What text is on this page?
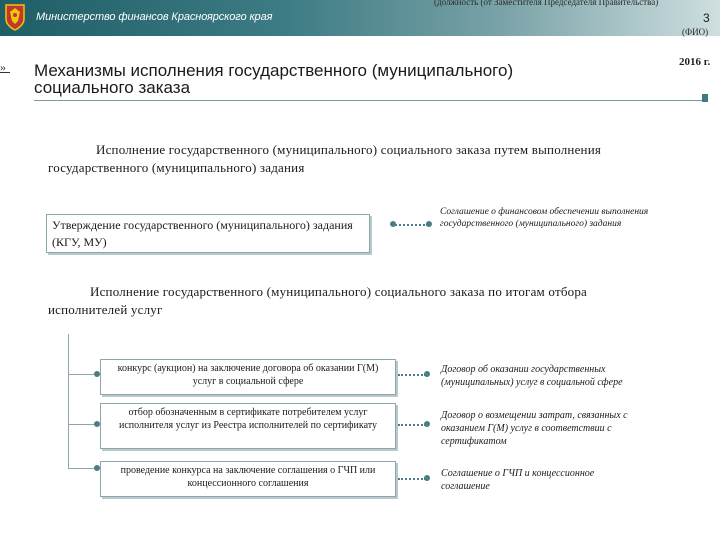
Министерство финансов Красноярского края
(должность (от Заместителя Председателя Правительства)
3
(ФИО)
»	2016 г.
Механизмы исполнения государственного (муниципального) социального заказа
Исполнение государственного (муниципального) социального заказа путем выполнения государственного (муниципального) задания
Утверждение государственного (муниципального) задания (КГУ, МУ)
Соглашение о финансовом обеспечении выполнения государственного (муниципального) задания
Исполнение государственного (муниципального) социального заказа по итогам отбора исполнителей услуг
конкурс (аукцион) на заключение договора об оказании Г(М) услуг в социальной сфере
Договор об оказании государственных (муниципальных) услуг в социальной сфере
отбор обозначенным в сертификате потребителем услуг исполнителя услуг из Реестра исполнителей по сертификату
Договор о возмещении затрат, связанных с оказанием Г(М) услуг в соответствии с сертификатом
проведение конкурса на заключение соглашения о ГЧП или концессионного соглашения
Соглашение о ГЧП и концессионное соглашение
